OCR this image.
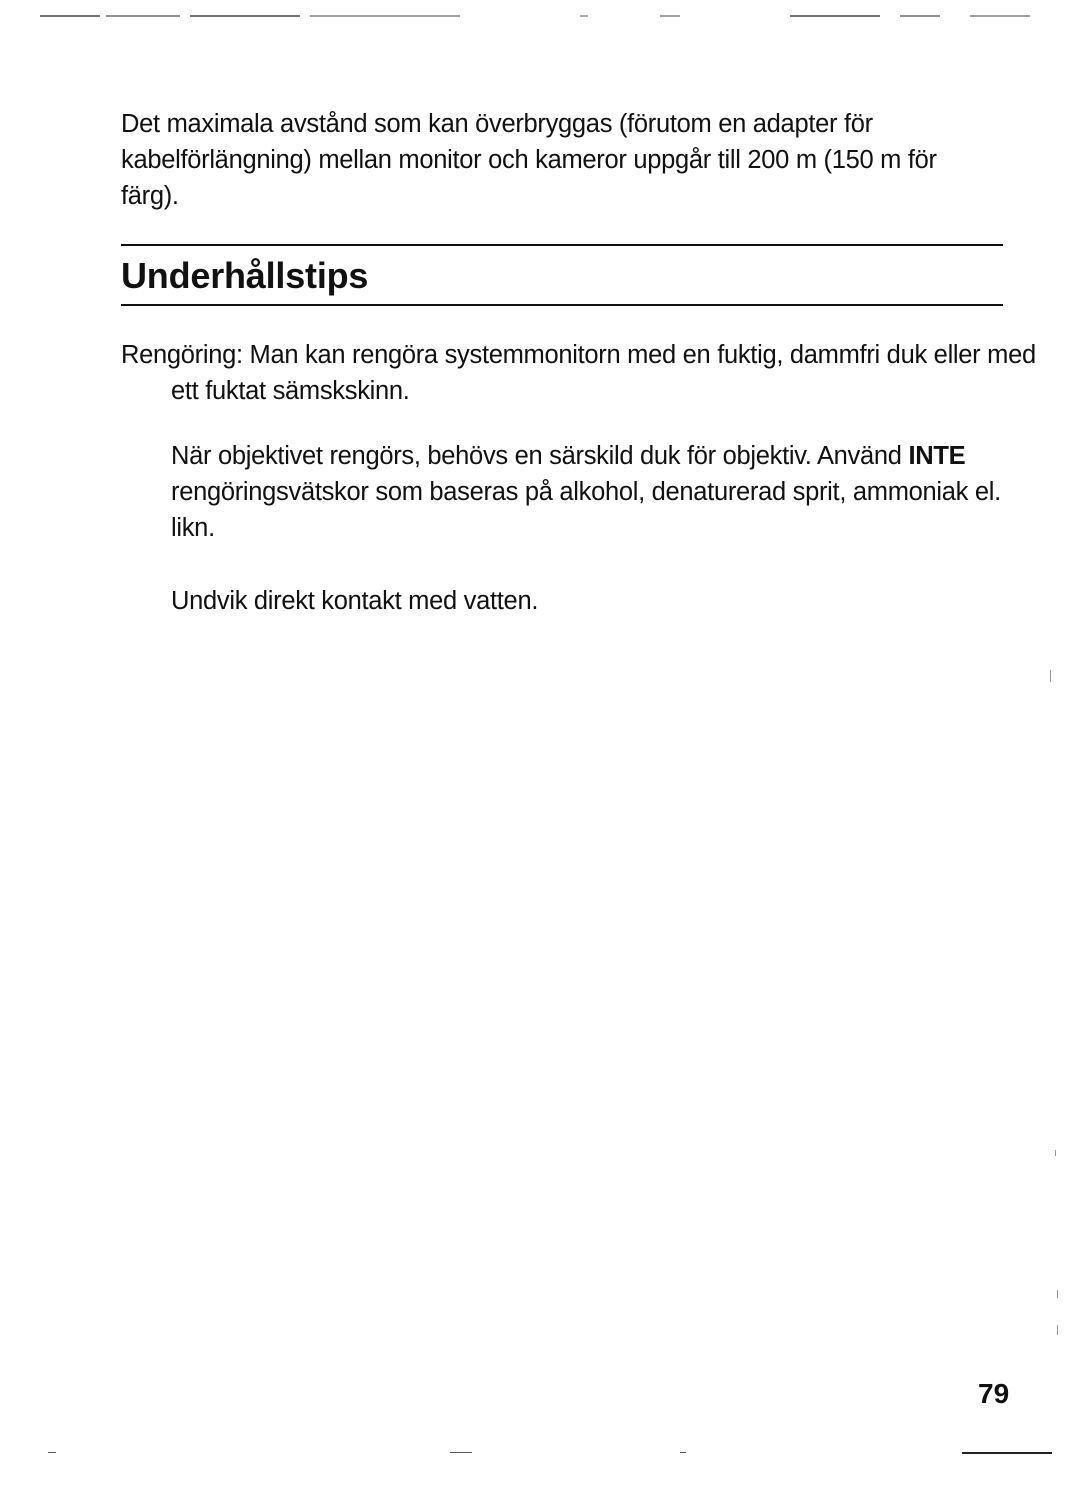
Det maximala avstånd som kan överbryggas (förutom en adapter för kabelförlängning) mellan monitor och kameror uppgår till 200 m (150 m för färg).

Underhållstips

Rengöring: Man kan rengöra systemmonitorn med en fuktig, dammfri duk eller med ett fuktat sämskskinn.

När objektivet rengörs, behövs en särskild duk för objektiv. Använd INTE rengöringsvätskor som baseras på alkohol, denaturerad sprit, ammoniak el. likn.

Undvik direkt kontakt med vatten.

79
